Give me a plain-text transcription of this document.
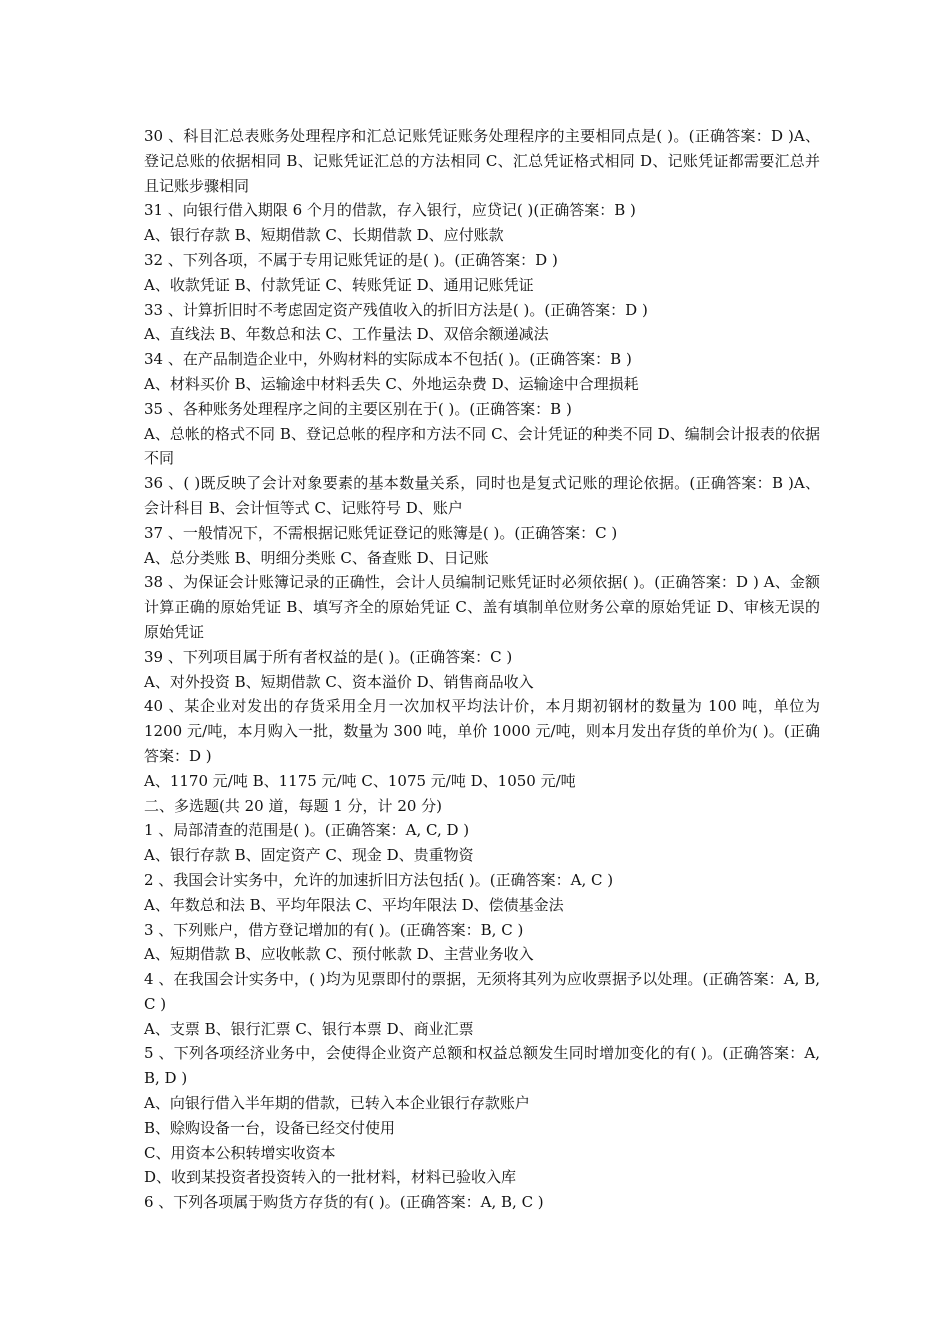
30 、科目汇总表账务处理程序和汇总记账凭证账务处理程序的主要相同点是( )。(正确答案：D )A、登记总账的依据相同 B、记账凭证汇总的方法相同 C、汇总凭证格式相同 D、记账凭证都需要汇总并且记账步骤相同

31 、向银行借入期限 6 个月的借款，存入银行，应贷记( )(正确答案：B )

A、银行存款 B、短期借款 C、长期借款 D、应付账款

32 、下列各项，不属于专用记账凭证的是( )。(正确答案：D )

A、收款凭证 B、付款凭证 C、转账凭证 D、通用记账凭证

33 、计算折旧时不考虑固定资产残值收入的折旧方法是( )。(正确答案：D )

A、直线法 B、年数总和法 C、工作量法 D、双倍余额递减法

34 、在产品制造企业中，外购材料的实际成本不包括( )。(正确答案：B )

A、材料买价 B、运输途中材料丢失 C、外地运杂费 D、运输途中合理损耗

35 、各种账务处理程序之间的主要区别在于( )。(正确答案：B )

A、总帐的格式不同 B、登记总帐的程序和方法不同 C、会计凭证的种类不同 D、编制会计报表的依据不同

36 、( )既反映了会计对象要素的基本数量关系，同时也是复式记账的理论依据。(正确答案：B )A、会计科目 B、会计恒等式 C、记账符号 D、账户

37 、一般情况下，不需根据记账凭证登记的账簿是( )。(正确答案：C )

A、总分类账 B、明细分类账 C、备查账 D、日记账

38 、为保证会计账簿记录的正确性，会计人员编制记账凭证时必须依据( )。(正确答案：D ) A、金额计算正确的原始凭证 B、填写齐全的原始凭证 C、盖有填制单位财务公章的原始凭证 D、审核无误的原始凭证

39 、下列项目属于所有者权益的是( )。(正确答案：C )

A、对外投资 B、短期借款 C、资本溢价 D、销售商品收入

40 、某企业对发出的存货采用全月一次加权平均法计价，本月期初钢材的数量为 100 吨，单位为 1200 元/吨，本月购入一批，数量为 300 吨，单价 1000 元/吨，则本月发出存货的单价为( )。(正确答案：D )

A、1170 元/吨 B、1175 元/吨 C、1075 元/吨 D、1050 元/吨

二、多选题(共 20 道，每题 1 分，计 20 分)

1 、局部清查的范围是( )。(正确答案：A, C, D )

A、银行存款 B、固定资产 C、现金 D、贵重物资

2 、我国会计实务中，允许的加速折旧方法包括( )。(正确答案：A, C )

A、年数总和法 B、平均年限法 C、平均年限法 D、偿债基金法

3 、下列账户，借方登记增加的有( )。(正确答案：B, C )

A、短期借款 B、应收帐款 C、预付帐款 D、主营业务收入

4 、在我国会计实务中，( )均为见票即付的票据，无须将其列为应收票据予以处理。(正确答案：A, B, C )

A、支票 B、银行汇票 C、银行本票 D、商业汇票

5 、下列各项经济业务中，会使得企业资产总额和权益总额发生同时增加变化的有( )。(正确答案：A, B, D )

A、向银行借入半年期的借款，已转入本企业银行存款账户

B、赊购设备一台，设备已经交付使用

C、用资本公积转增实收资本

D、收到某投资者投资转入的一批材料，材料已验收入库

6 、下列各项属于购货方存货的有( )。(正确答案：A, B, C )
